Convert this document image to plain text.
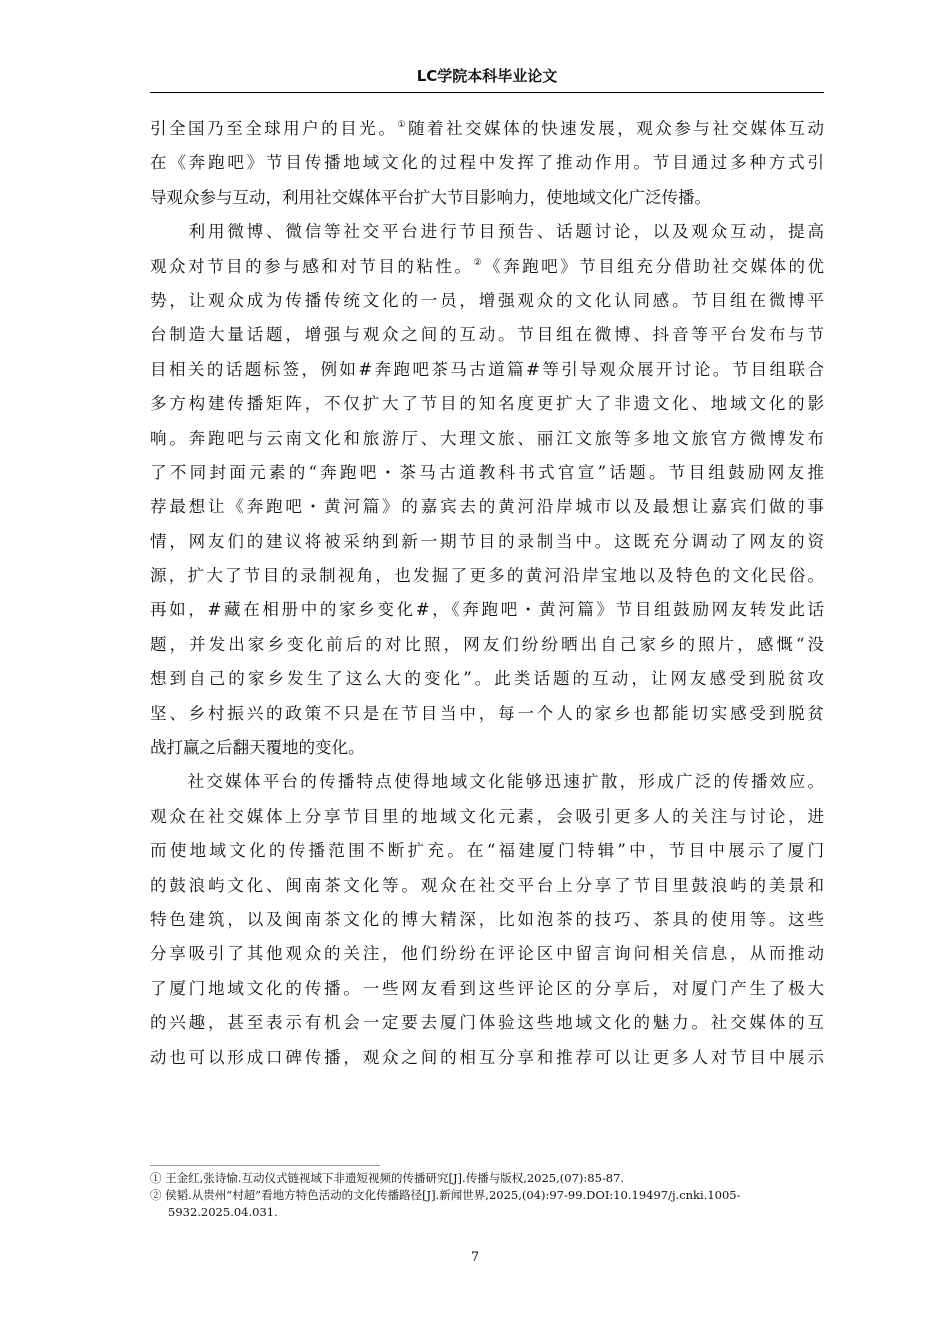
LC学院本科毕业论文
引全国乃至全球用户的目光。①随着社交媒体的快速发展，观众参与社交媒体互动
在《奔跑吧》节目传播地域文化的过程中发挥了推动作用。节目通过多种方式引
导观众参与互动，利用社交媒体平台扩大节目影响力，使地域文化广泛传播。
　　利用微博、微信等社交平台进行节目预告、话题讨论，以及观众互动，提高
观众对节目的参与感和对节目的粘性。②《奔跑吧》节目组充分借助社交媒体的优
势，让观众成为传播传统文化的一员，增强观众的文化认同感。节目组在微博平
台制造大量话题，增强与观众之间的互动。节目组在微博、抖音等平台发布与节
目相关的话题标签，例如#奔跑吧茶马古道篇#等引导观众展开讨论。节目组联合
多方构建传播矩阵，不仅扩大了节目的知名度更扩大了非遗文化、地域文化的影
响。奔跑吧与云南文化和旅游厅、大理文旅、丽江文旅等多地文旅官方微博发布
了不同封面元素的“奔跑吧・茶马古道教科书式官宣”话题。节目组鼓励网友推
荐最想让《奔跑吧・黄河篇》的嘉宾去的黄河沿岸城市以及最想让嘉宾们做的事
情，网友们的建议将被采纳到新一期节目的录制当中。这既充分调动了网友的资
源，扩大了节目的录制视角，也发掘了更多的黄河沿岸宝地以及特色的文化民俗。
再如，#藏在相册中的家乡变化#，《奔跑吧・黄河篇》节目组鼓励网友转发此话
题，并发出家乡变化前后的对比照，网友们纷纷晒出自己家乡的照片，感慨“没
想到自己的家乡发生了这么大的变化”。此类话题的互动，让网友感受到脱贫攻
坚、乡村振兴的政策不只是在节目当中，每一个人的家乡也都能切实感受到脱贫
战打赢之后翻天覆地的变化。
　　社交媒体平台的传播特点使得地域文化能够迅速扩散，形成广泛的传播效应。
观众在社交媒体上分享节目里的地域文化元素，会吸引更多人的关注与讨论，进
而使地域文化的传播范围不断扩充。在“福建厦门特辑”中，节目中展示了厦门
的鼓浪屿文化、闽南茶文化等。观众在社交平台上分享了节目里鼓浪屿的美景和
特色建筑，以及闽南茶文化的博大精深，比如泡茶的技巧、茶具的使用等。这些
分享吸引了其他观众的关注，他们纷纷在评论区中留言询问相关信息，从而推动
了厦门地域文化的传播。一些网友看到这些评论区的分享后，对厦门产生了极大
的兴趣，甚至表示有机会一定要去厦门体验这些地域文化的魅力。社交媒体的互
动也可以形成口碑传播，观众之间的相互分享和推荐可以让更多人对节目中展示
① 王金红,张诗愉.互动仪式链视域下非遗短视频的传播研究[J].传播与版权,2025,(07):85-87.
② 侯韬.从贵州“村超”看地方特色活动的文化传播路径[J].新闻世界,2025,(04):97-99.DOI:10.19497/j.cnki.1005-
5932.2025.04.031.
7
